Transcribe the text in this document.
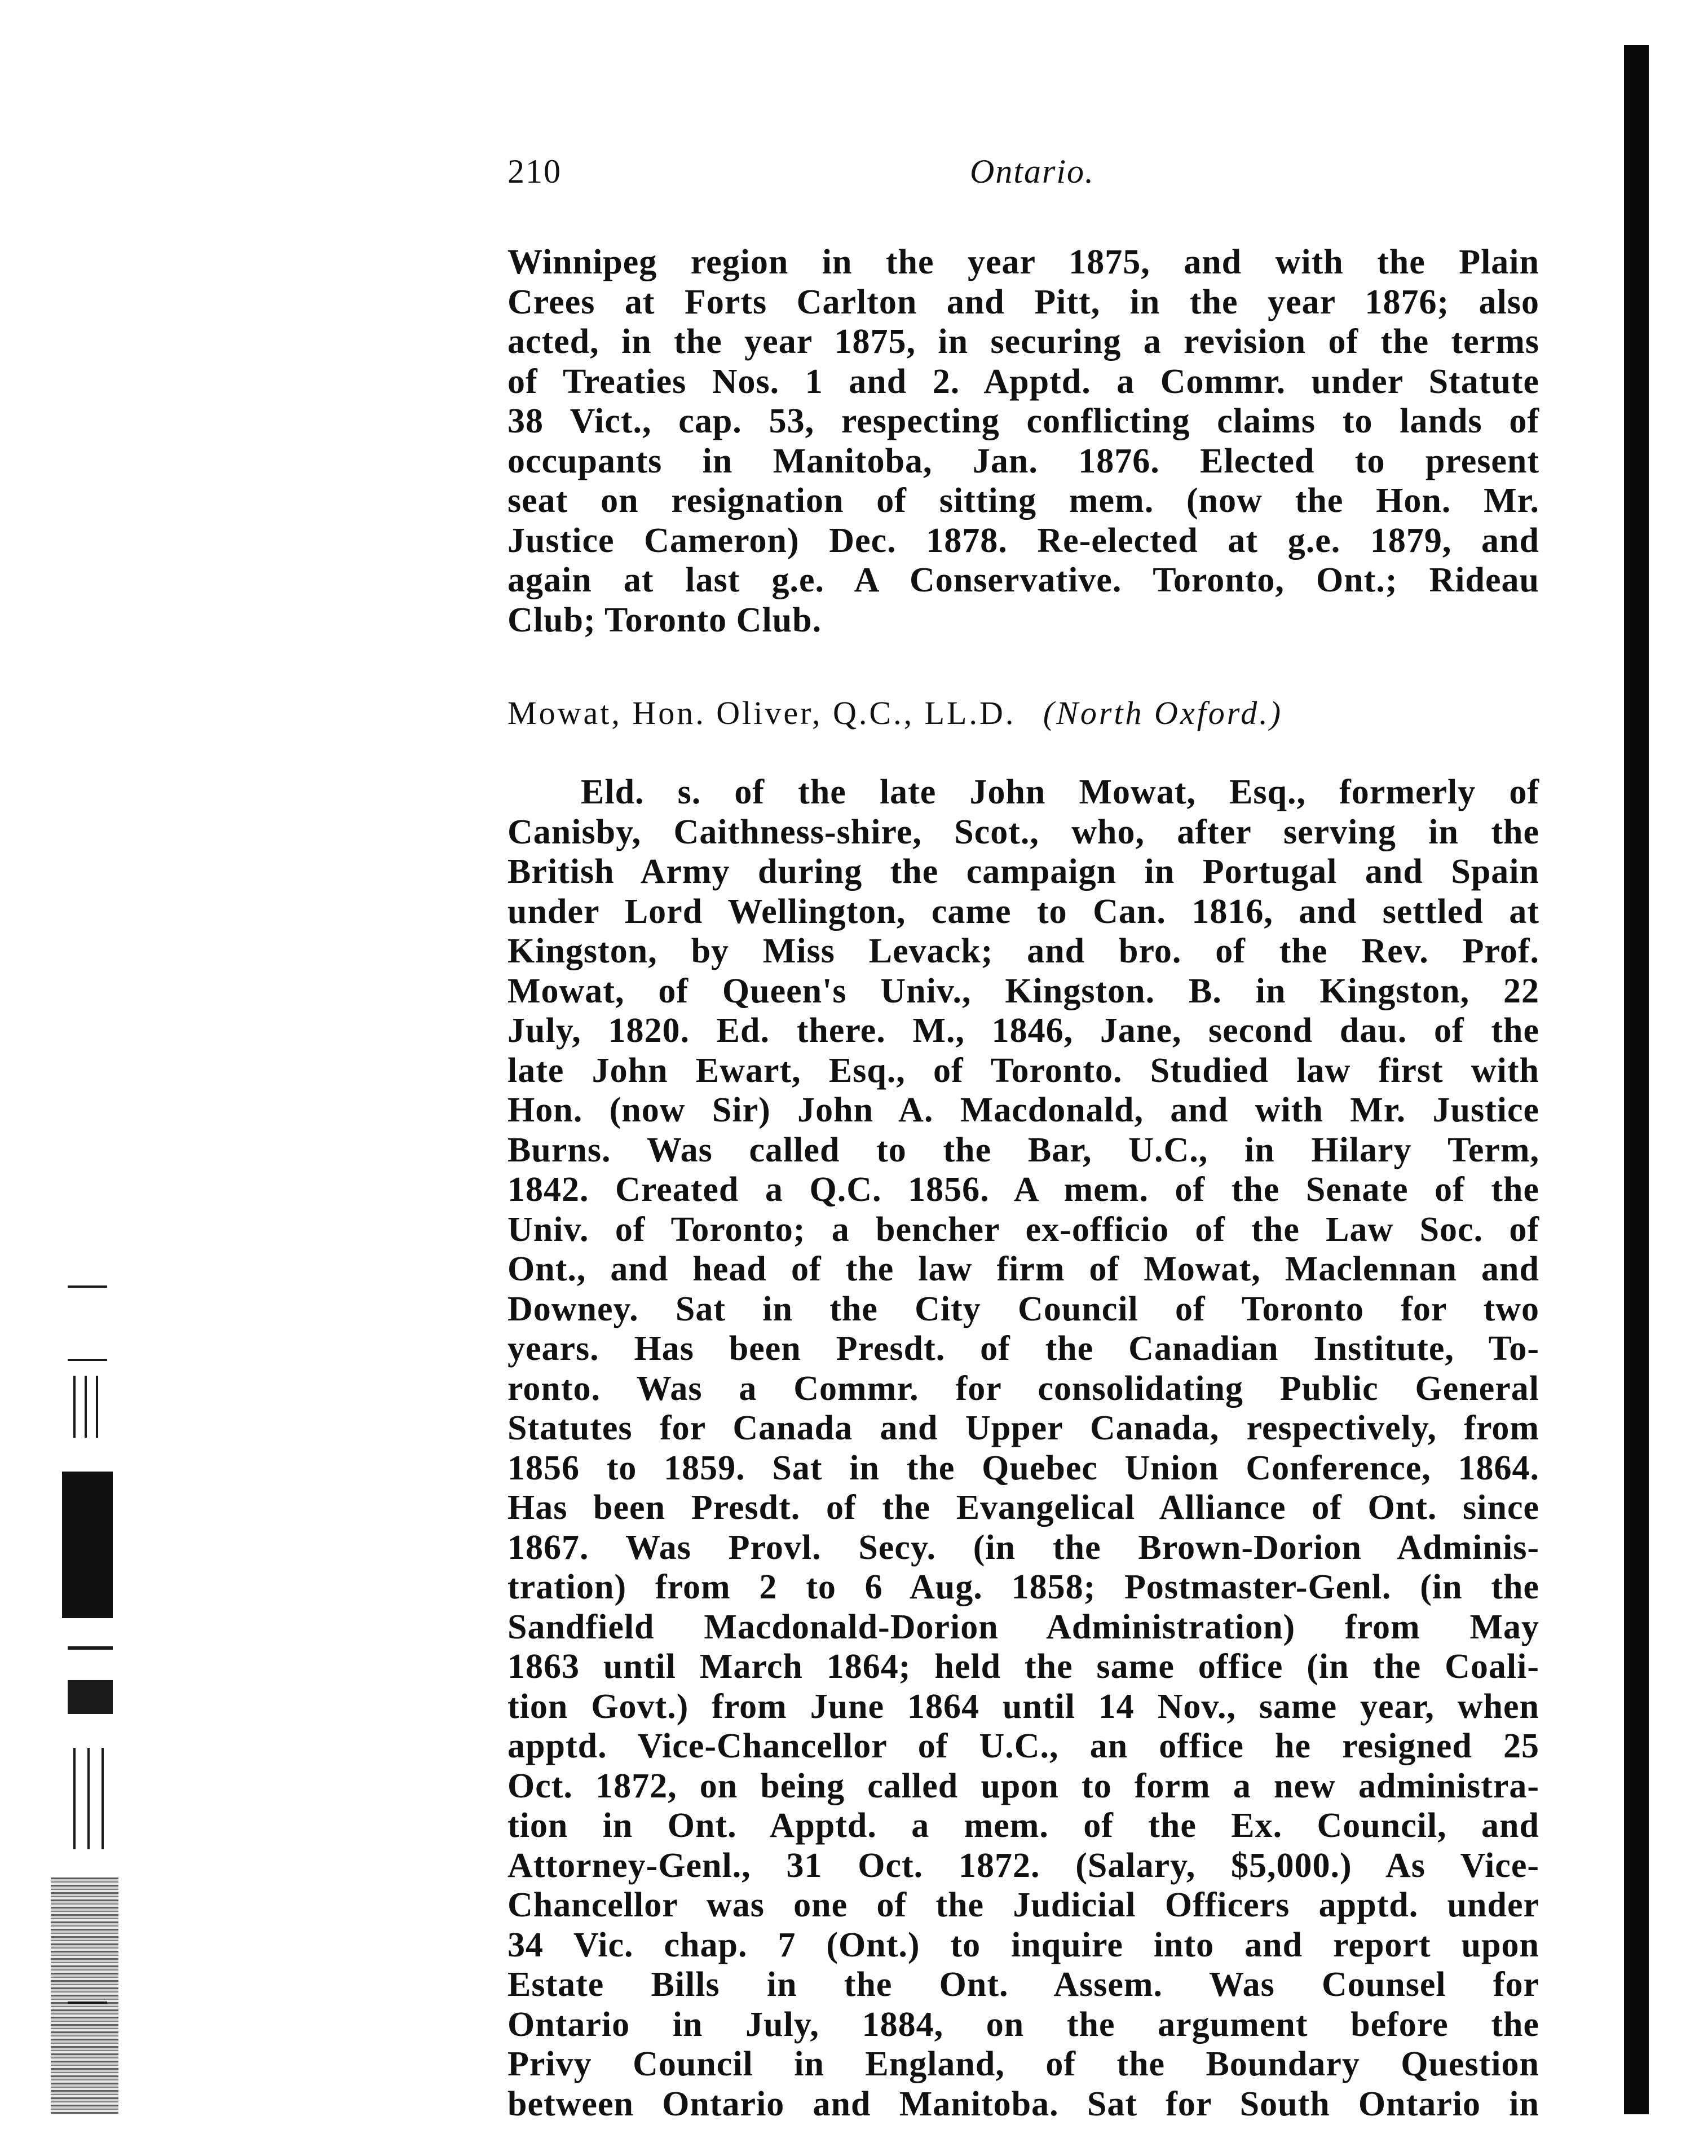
210	Ontario.

Winnipeg region in the year 1875, and with the Plain
Crees at Forts Carlton and Pitt, in the year 1876; also
acted, in the year 1875, in securing a revision of the terms
of Treaties Nos. 1 and 2. Apptd. a Commr. under Statute
38 Vict., cap. 53, respecting conflicting claims to lands of
occupants in Manitoba, Jan. 1876. Elected to present
seat on resignation of sitting mem. (now the Hon. Mr.
Justice Cameron) Dec. 1878. Re-elected at g.e. 1879, and
again at last g.e. A Conservative. Toronto, Ont.; Rideau
Club; Toronto Club.

Mowat, Hon. Oliver, Q.C., LL.D. (North Oxford.)

Eld. s. of the late John Mowat, Esq., formerly of
Canisby, Caithness-shire, Scot., who, after serving in the
British Army during the campaign in Portugal and Spain
under Lord Wellington, came to Can. 1816, and settled at
Kingston, by Miss Levack; and bro. of the Rev. Prof.
Mowat, of Queen's Univ., Kingston. B. in Kingston, 22
July, 1820. Ed. there. M., 1846, Jane, second dau. of the
late John Ewart, Esq., of Toronto. Studied law first with
Hon. (now Sir) John A. Macdonald, and with Mr. Justice
Burns. Was called to the Bar, U.C., in Hilary Term,
1842. Created a Q.C. 1856. A mem. of the Senate of the
Univ. of Toronto; a bencher ex-officio of the Law Soc. of
Ont., and head of the law firm of Mowat, Maclennan and
Downey. Sat in the City Council of Toronto for two
years. Has been Presdt. of the Canadian Institute, To-
ronto. Was a Commr. for consolidating Public General
Statutes for Canada and Upper Canada, respectively, from
1856 to 1859. Sat in the Quebec Union Conference, 1864.
Has been Presdt. of the Evangelical Alliance of Ont. since
1867. Was Provl. Secy. (in the Brown-Dorion Adminis-
tration) from 2 to 6 Aug. 1858; Postmaster-Genl. (in the
Sandfield Macdonald-Dorion Administration) from May
1863 until March 1864; held the same office (in the Coali-
tion Govt.) from June 1864 until 14 Nov., same year, when
apptd. Vice-Chancellor of U.C., an office he resigned 25
Oct. 1872, on being called upon to form a new administra-
tion in Ont. Apptd. a mem. of the Ex. Council, and
Attorney-Genl., 31 Oct. 1872. (Salary, $5,000.) As Vice-
Chancellor was one of the Judicial Officers apptd. under
34 Vic. chap. 7 (Ont.) to inquire into and report upon
Estate Bills in the Ont. Assem. Was Counsel for
Ontario in July, 1884, on the argument before the
Privy Council in England, of the Boundary Question
between Ontario and Manitoba. Sat for South Ontario in
